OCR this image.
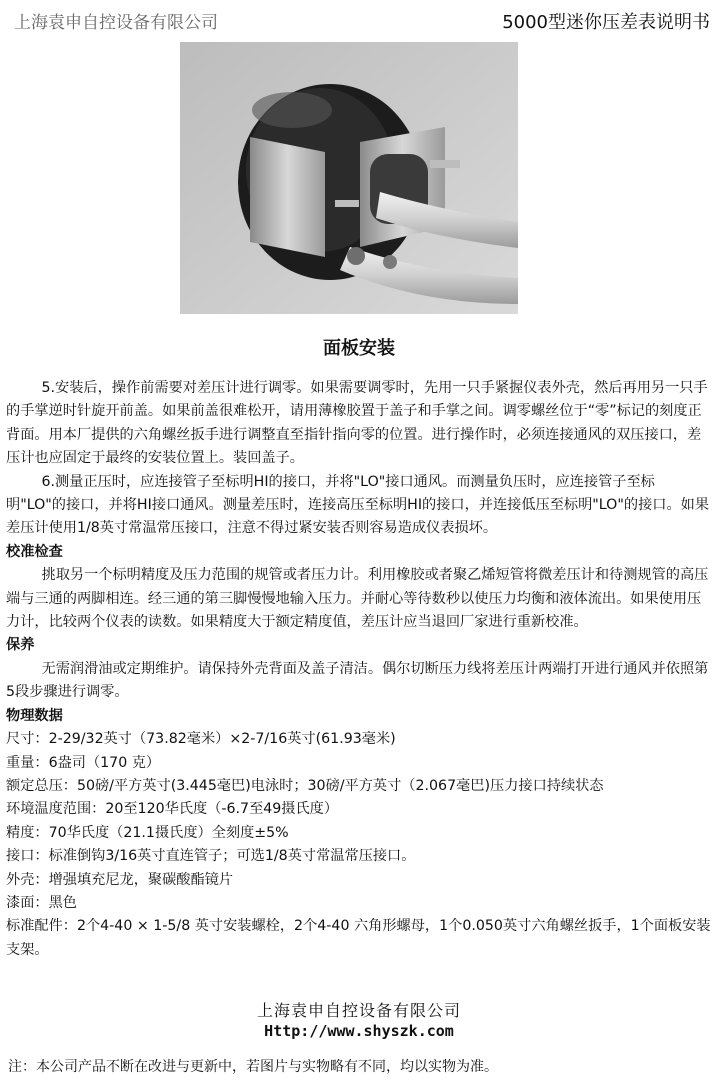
上海袁申自控设备有限公司	5000型迷你压差表说明书
面板安装

5.安装后，操作前需要对差压计进行调零。如果需要调零时，先用一只手紧握仪表外壳，然后再用另一只手的手掌逆时针旋开前盖。如果前盖很难松开，请用薄橡胶置于盖子和手掌之间。调零螺丝位于“零”标记的刻度正背面。用本厂提供的六角螺丝扳手进行调整直至指针指向零的位置。进行操作时，必须连接通风的双压接口，差压计也应固定于最终的安装位置上。装回盖子。

6.测量正压时，应连接管子至标明HI的接口，并将"LO"接口通风。而测量负压时，应连接管子至标明"LO"的接口，并将HI接口通风。测量差压时，连接高压至标明HI的接口，并连接低压至标明"LO"的接口。如果差压计使用1/8英寸常温常压接口，注意不得过紧安装否则容易造成仪表损坏。

校准检查

挑取另一个标明精度及压力范围的规管或者压力计。利用橡胶或者聚乙烯短管将微差压计和待测规管的高压端与三通的两脚相连。经三通的第三脚慢慢地输入压力。并耐心等待数秒以使压力均衡和液体流出。如果使用压力计，比较两个仪表的读数。如果精度大于额定精度值，差压计应当退回厂家进行重新校准。

保养

无需润滑油或定期维护。请保持外壳背面及盖子清洁。偶尔切断压力线将差压计两端打开进行通风并依照第5段步骤进行调零。

物理数据

尺寸：2-29/32英寸（73.82毫米）×2-7/16英寸(61.93毫米)

重量：6盎司（170 克）

额定总压：50磅/平方英寸(3.445毫巴)电泳时；30磅/平方英寸（2.067毫巴)压力接口持续状态

环境温度范围：20至120华氏度（-6.7至49摄氏度）

精度：70华氏度（21.1摄氏度）全刻度±5%

接口：标准倒钩3/16英寸直连管子；可选1/8英寸常温常压接口。

外壳：增强填充尼龙，聚碳酸酯镜片

漆面：黑色

标准配件：2个4-40 × 1-5/8 英寸安装螺栓，2个4-40 六角形螺母，1个0.050英寸六角螺丝扳手，1个面板安装支架。

上海袁申自控设备有限公司
Http://www.shyszk.com
注：本公司产品不断在改进与更新中，若图片与实物略有不同，均以实物为准。
